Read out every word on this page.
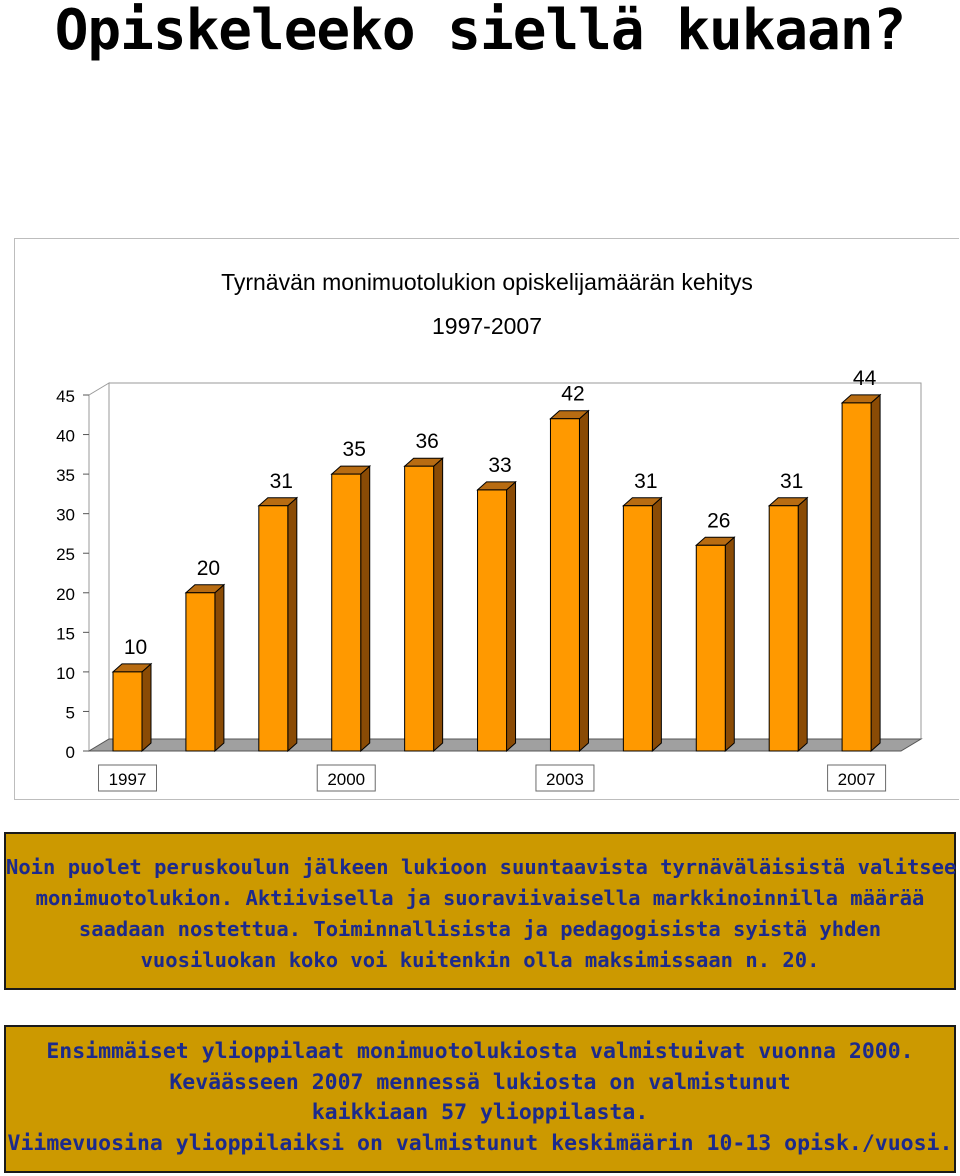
Opiskeleeko siellä kukaan?
Tyrnävän monimuotolukion opiskelijamäärän kehitys
1997-2007
0
5
10
15
20
25
30
35
40
45
10
20
31
35 36
33
42
31
26
31
44
1997	2000	2003	2007

Noin puolet peruskoulun jälkeen lukioon suuntaavista tyrnäväläisistä valitsee

monimuotolukion. Aktiivisella ja suoraviivaisella markkinoinnilla määrää

saadaan nostettua. Toiminnallisista ja pedagogisista syistä yhden

vuosiluokan koko voi kuitenkin olla maksimissaan n. 20.

Ensimmäiset ylioppilaat monimuotolukiosta valmistuivat vuonna 2000.

Keväässeen 2007 mennessä lukiosta on valmistunut

kaikkiaan 57 ylioppilasta.

Viimevuosina ylioppilaiksi on valmistunut keskimäärin 10-13 opisk./vuosi.
